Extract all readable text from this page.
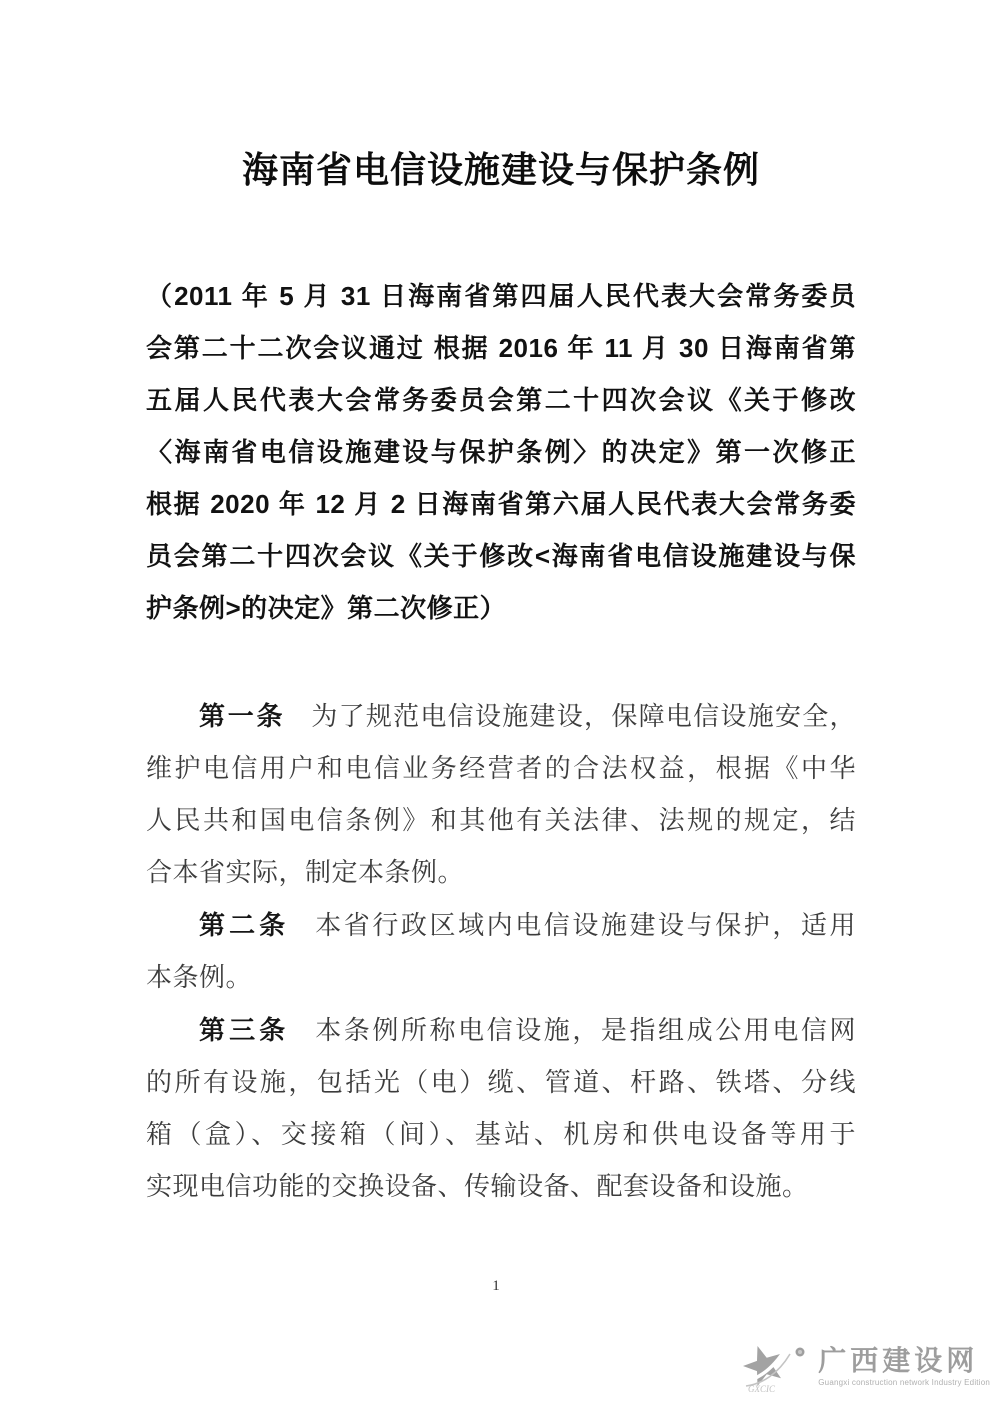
海南省电信设施建设与保护条例
（2011 年 5 月 31 日海南省第四届人民代表大会常务委员
会第二十二次会议通过 根据 2016 年 11 月 30 日海南省第
五届人民代表大会常务委员会第二十四次会议《关于修改
〈海南省电信设施建设与保护条例〉的决定》第一次修正
根据 2020 年 12 月 2 日海南省第六届人民代表大会常务委
员会第二十四次会议《关于修改<海南省电信设施建设与保
护条例>的决定》第二次修正）
第一条 为了规范电信设施建设，保障电信设施安全，
维护电信用户和电信业务经营者的合法权益，根据《中华
人民共和国电信条例》和其他有关法律、法规的规定，结
合本省实际，制定本条例。
第二条 本省行政区域内电信设施建设与保护，适用
本条例。
第三条 本条例所称电信设施，是指组成公用电信网
的所有设施，包括光（电）缆、管道、杆路、铁塔、分线
箱（盒）、交接箱（间）、基站、机房和供电设备等用于
实现电信功能的交换设备、传输设备、配套设备和设施。
1
GXCIC
广西建设网
Guangxi construction network Industry Edition
